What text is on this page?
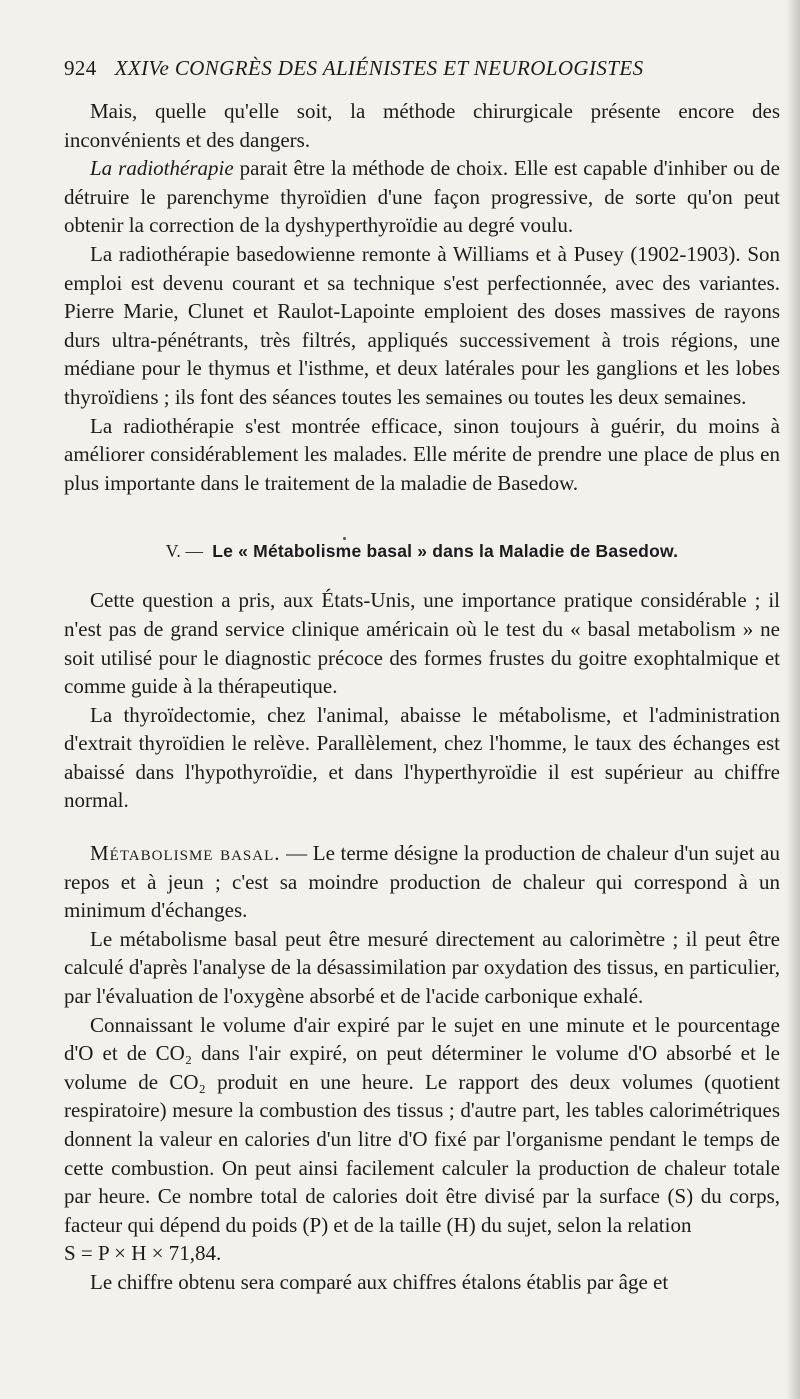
924 XXIVe CONGRÈS DES ALIÉNISTES ET NEUROLOGISTES

Mais, quelle qu'elle soit, la méthode chirurgicale présente encore des inconvénients et des dangers.

La radiothérapie parait être la méthode de choix. Elle est capable d'inhiber ou de détruire le parenchyme thyroïdien d'une façon progressive, de sorte qu'on peut obtenir la correction de la dyshyperthyroïdie au degré voulu.

La radiothérapie basedowienne remonte à Williams et à Pusey (1902-1903). Son emploi est devenu courant et sa technique s'est perfectionnée, avec des variantes. Pierre Marie, Clunet et Raulot-Lapointe emploient des doses massives de rayons durs ultra-pénétrants, très filtrés, appliqués successivement à trois régions, une médiane pour le thymus et l'isthme, et deux latérales pour les ganglions et les lobes thyroïdiens ; ils font des séances toutes les semaines ou toutes les deux semaines.

La radiothérapie s'est montrée efficace, sinon toujours à guérir, du moins à améliorer considérablement les malades. Elle mérite de prendre une place de plus en plus importante dans le traitement de la maladie de Basedow.

V. — Le « Métabolisme basal » dans la Maladie de Basedow.

Cette question a pris, aux États-Unis, une importance pratique considérable ; il n'est pas de grand service clinique américain où le test du « basal metabolism » ne soit utilisé pour le diagnostic précoce des formes frustes du goitre exophtalmique et comme guide à la thérapeutique.

La thyroïdectomie, chez l'animal, abaisse le métabolisme, et l'administration d'extrait thyroïdien le relève. Parallèlement, chez l'homme, le taux des échanges est abaissé dans l'hypothyroïdie, et dans l'hyperthyroïdie il est supérieur au chiffre normal.

Métabolisme basal. — Le terme désigne la production de chaleur d'un sujet au repos et à jeun ; c'est sa moindre production de chaleur qui correspond à un minimum d'échanges.

Le métabolisme basal peut être mesuré directement au calorimètre ; il peut être calculé d'après l'analyse de la désassimilation par oxydation des tissus, en particulier, par l'évaluation de l'oxygène absorbé et de l'acide carbonique exhalé.

Connaissant le volume d'air expiré par le sujet en une minute et le pourcentage d'O et de CO₂ dans l'air expiré, on peut déterminer le volume d'O absorbé et le volume de CO₂ produit en une heure. Le rapport des deux volumes (quotient respiratoire) mesure la combustion des tissus ; d'autre part, les tables calorimétriques donnent la valeur en calories d'un litre d'O fixé par l'organisme pendant le temps de cette combustion. On peut ainsi facilement calculer la production de chaleur totale par heure. Ce nombre total de calories doit être divisé par la surface (S) du corps, facteur qui dépend du poids (P) et de la taille (H) du sujet, selon la relation

S = P × H × 71,84.

Le chiffre obtenu sera comparé aux chiffres étalons établis par âge et
